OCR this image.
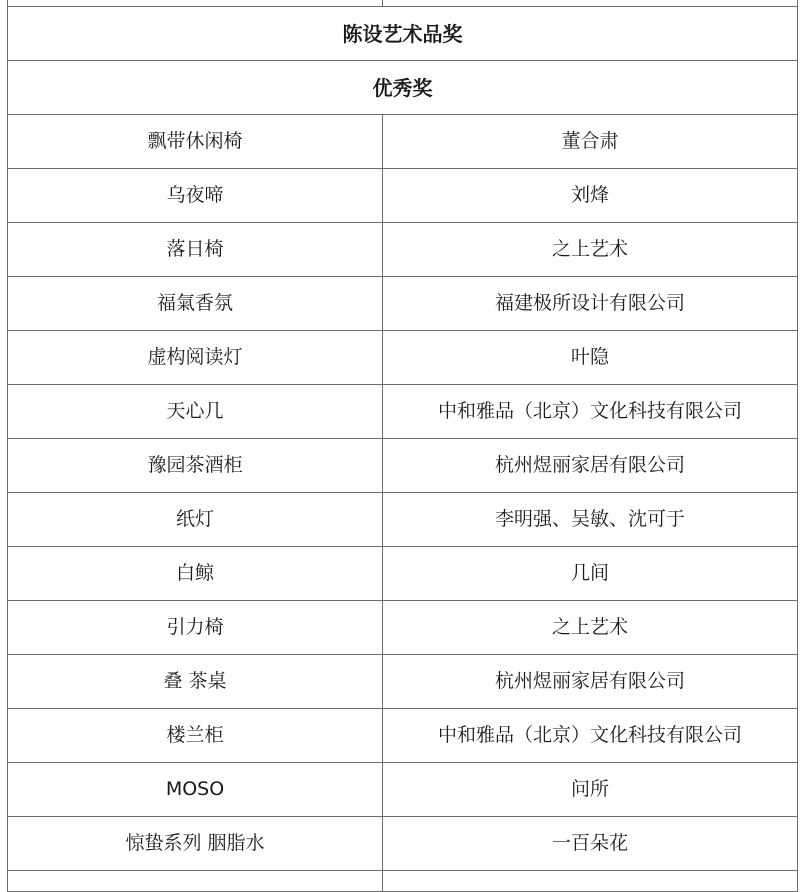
陈设艺术品奖	
优秀奖	
飘带休闲椅	董合肃
乌夜啼	刘烽
落日椅	之上艺术
福氣香氛	福建极所设计有限公司
虚构阅读灯	叶隐
天心几	中和雅品（北京）文化科技有限公司
豫园茶酒柜	杭州煜丽家居有限公司
纸灯	李明强、吴敏、沈可于
白鲸	几间
引力椅	之上艺术
叠 茶桌	杭州煜丽家居有限公司
楼兰柜	中和雅品（北京）文化科技有限公司
MOSO	问所
惊蛰系列 胭脂水	一百朵花
